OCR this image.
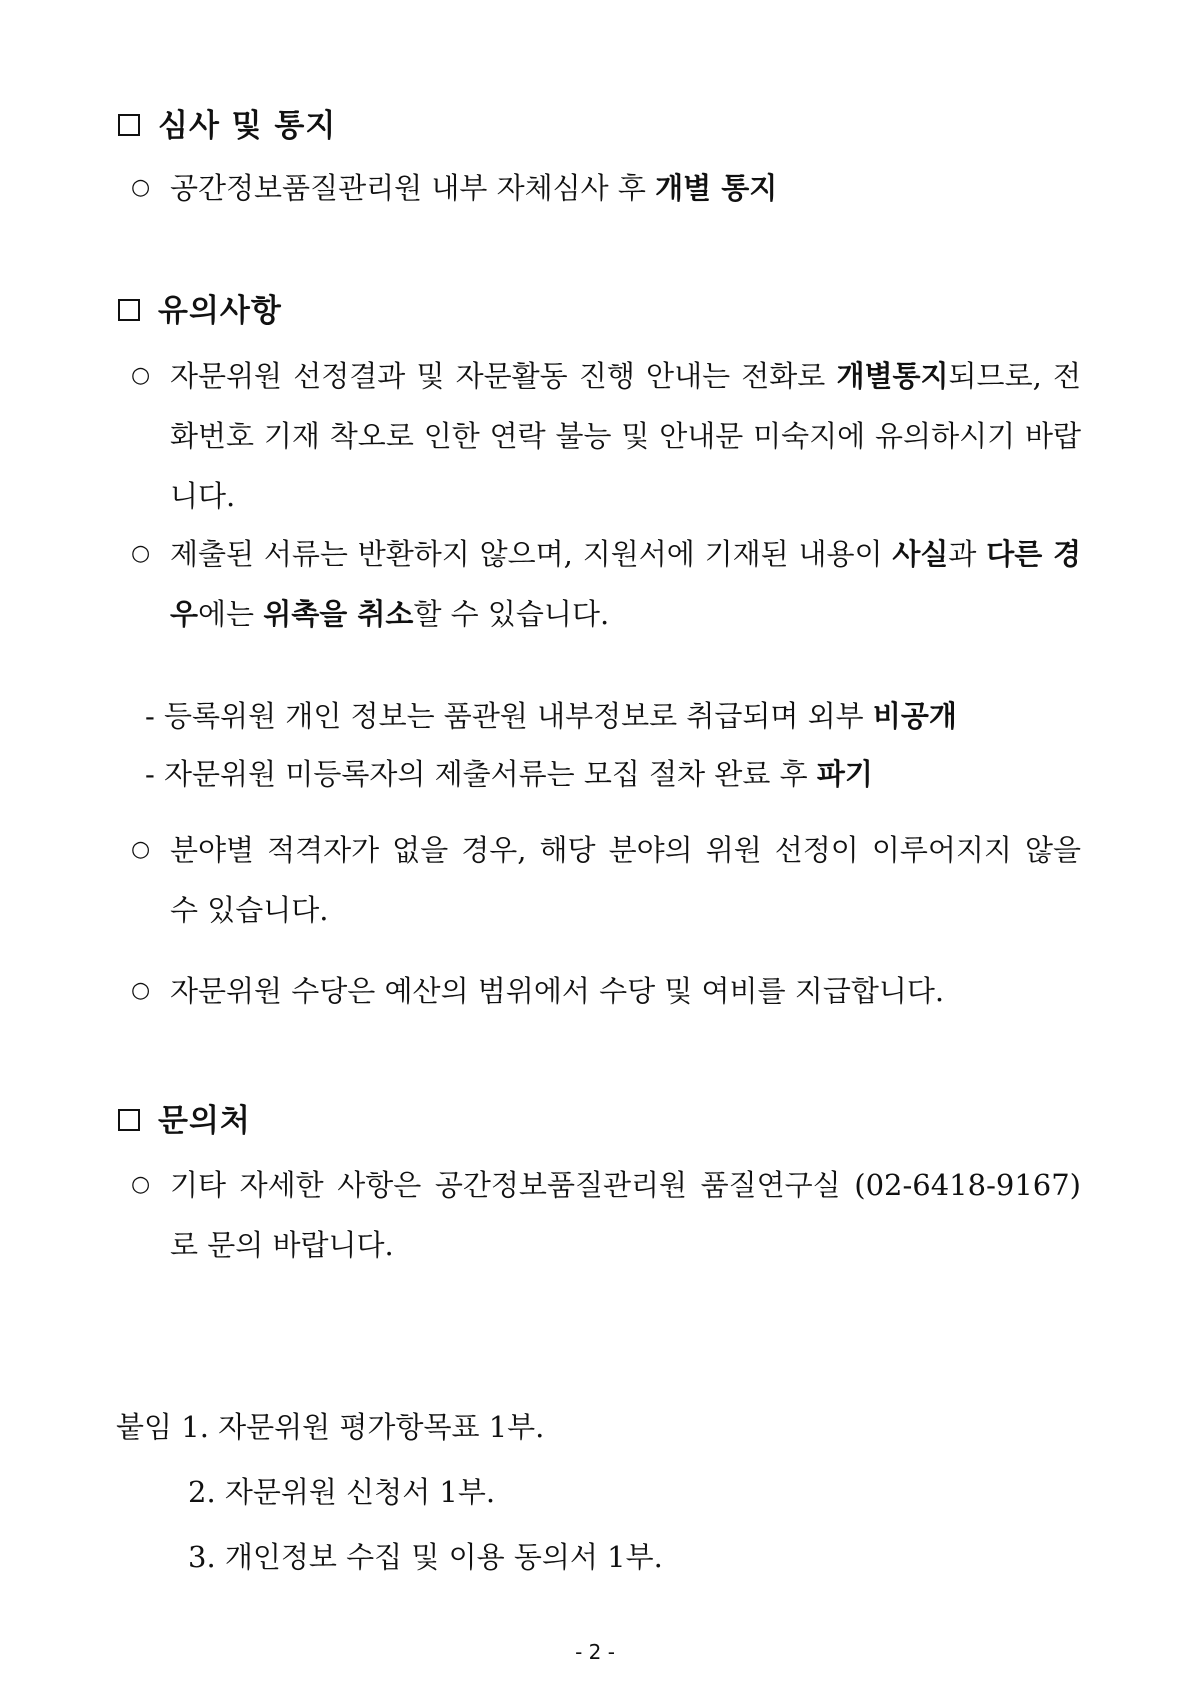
심사 및 통지
○ 공간정보품질관리원 내부 자체심사 후 개별 통지
유의사항
○ 자문위원 선정결과 및 자문활동 진행 안내는 전화로 개별통지되므로, 전화번호 기재 착오로 인한 연락 불능 및 안내문 미숙지에 유의하시기 바랍니다.
○ 제출된 서류는 반환하지 않으며, 지원서에 기재된 내용이 사실과 다른 경우에는 위촉을 취소할 수 있습니다.
- 등록위원 개인 정보는 품관원 내부정보로 취급되며 외부 비공개
- 자문위원 미등록자의 제출서류는 모집 절차 완료 후 파기
○ 분야별 적격자가 없을 경우, 해당 분야의 위원 선정이 이루어지지 않을 수 있습니다.
○ 자문위원 수당은 예산의 범위에서 수당 및 여비를 지급합니다.
문의처
○ 기타 자세한 사항은 공간정보품질관리원 품질연구실 (02-6418-9167)로 문의 바랍니다.
붙임 1. 자문위원 평가항목표 1부.
2. 자문위원 신청서 1부.
3. 개인정보 수집 및 이용 동의서 1부.
- 2 -
